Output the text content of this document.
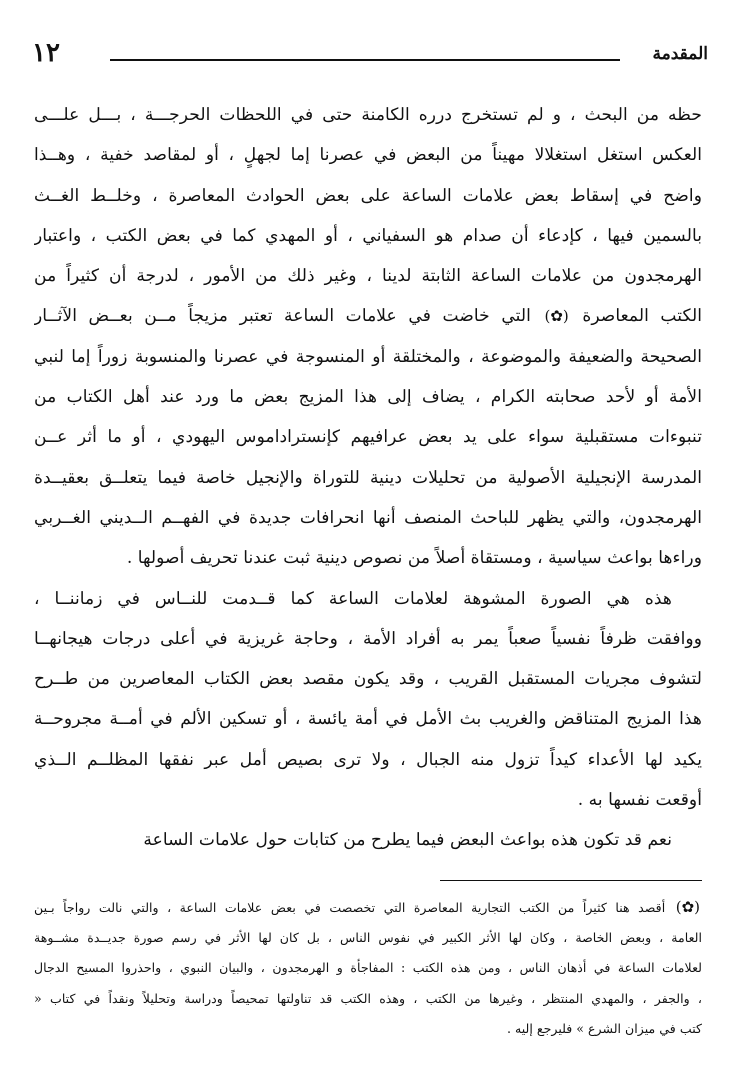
المقدمة
١٢
حظه من البحث ، و لم تستخرج درره الكامنة حتى في اللحظات الحرجـــة ، بـــل علـــى
العكس استغل استغلالا مهيناً من البعض في عصرنا إما لجهلٍ ، أو لمقاصد خفية ، وهــذا
واضح في إسقاط بعض علامات الساعة على بعض الحوادث المعاصرة ، وخلــط الغــث
بالسمين فيها ، كإدعاء أن صدام هو السفياني ، أو المهدي كما في بعض الكتب ، واعتبار
الهرمجدون من علامات الساعة الثابتة لدينا ، وغير ذلك من الأمور ، لدرجة أن كثيراً من
الكتب المعاصرة (✿) التي خاضت في علامات الساعة تعتبر مزيجاً مــن بعــض الآثــار
الصحيحة والضعيفة والموضوعة ، والمختلقة أو المنسوجة في عصرنا والمنسوبة زوراً إما لنبي
الأمة أو لأحد صحابته الكرام ، يضاف إلى هذا المزيج بعض ما ورد عند أهل الكتاب من
تنبوءات مستقبلية سواء على يد بعض عرافيهم كإنستراداموس اليهودي ، أو ما أثر عــن
المدرسة الإنجيلية الأصولية من تحليلات دينية للتوراة والإنجيل خاصة فيما يتعلــق بعقيــدة
الهرمجدون، والتي يظهر للباحث المنصف أنها انحرافات جديدة في الفهــم الــديني الغــربي
وراءها بواعث سياسية ، ومستقاة أصلاً من نصوص دينية ثبت عندنا تحريف أصولها .
هذه هي الصورة المشوهة لعلامات الساعة كما قــدمت للنــاس في زماننــا ،
ووافقت ظرفاً نفسياً صعباً يمر به أفراد الأمة ، وحاجة غريزية في أعلى درجات هيجانهــا
لتشوف مجريات المستقبل القريب ، وقد يكون مقصد بعض الكتاب المعاصرين من طــرح
هذا المزيج المتناقض والغريب بث الأمل في أمة يائسة ، أو تسكين الألم في أمــة مجروحــة
يكيد لها الأعداء كيداً تزول منه الجبال ، ولا ترى بصيص أمل عبر نفقها المظلــم الــذي
أوقعت نفسها به .
نعم قد تكون هذه بواعث البعض فيما يطرح من كتابات حول علامات الساعة
(✿) أقصد هنا كثيراً من الكتب التجارية المعاصرة التي تخصصت في بعض علامات الساعة ، والتي نالت رواجاً بـين
العامة ، وبعض الخاصة ، وكان لها الأثر الكبير في نفوس الناس ، بل كان لها الأثر في رسم صورة جديــدة مشــوهة
لعلامات الساعة في أذهان الناس ، ومن هذه الكتب : المفاجأة و الهرمجدون ، والبيان النبوي ، واحذروا المسيح الدجال
، والجفر ، والمهدي المنتظر ، وغيرها من الكتب ، وهذه الكتب قد تناولتها تمحيصاً ودراسة وتحليلاً ونقداً في كتاب «
كتب في ميزان الشرع » فليرجع إليه .
